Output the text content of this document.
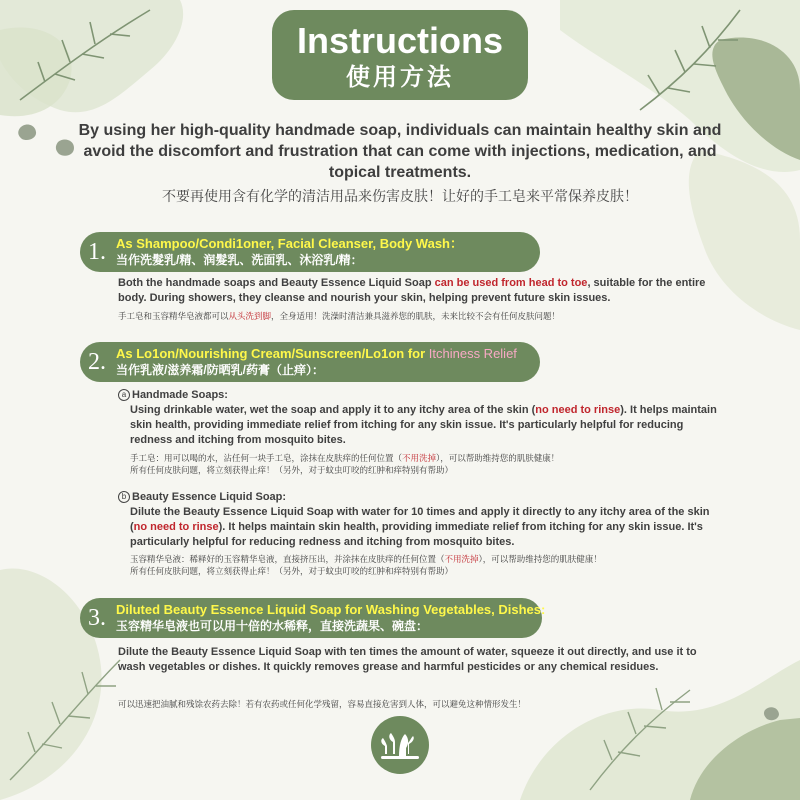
Instructions
使用方法
By using her high-quality handmade soap, individuals can maintain healthy skin and avoid the discomfort and frustration that can come with injections, medication, and topical treatments.
不要再使用含有化学的清洁用品来伤害皮肤！让好的手工皂来平常保养皮肤！
1. As Shampoo/Condi1oner, Facial Cleanser, Body Wash：
当作洗髮乳/精、润髮乳、洗面乳、沐浴乳/精：
Both the handmade soaps and Beauty Essence Liquid Soap can be used from head to toe, suitable for the entire body. During showers, they cleanse and nourish your skin, helping prevent future skin issues.
手工皂和玉容精华皂液都可以从头洗到脚，全身适用！洗澡时清洁兼具滋养您的肌肤，未来比较不会有任何皮肤问题！
2. As Lo1on/Nourishing Cream/Sunscreen/Lo1on for Itchiness Relief
当作乳液/滋养霜/防晒乳/药膏（止痒）：
a Handmade Soaps:
Using drinkable water, wet the soap and apply it to any itchy area of the skin (no need to rinse). It helps maintain skin health, providing immediate relief from itching for any skin issue. It's particularly helpful for reducing redness and itching from mosquito bites.
手工皂：用可以喝的水，沾任何一块手工皂，涂抹在皮肤痒的任何位置（不用洗掉），可以帮助维持您的肌肤健康！
所有任何皮肤问题，将立刻获得止痒！（另外，对于蚊虫叮咬的红肿和痒特别有帮助）
b Beauty Essence Liquid Soap:
Dilute the Beauty Essence Liquid Soap with water for 10 times and apply it directly to any itchy area of the skin (no need to rinse). It helps maintain skin health, providing immediate relief from itching for any skin issue. It's particularly helpful for reducing redness and itching from mosquito bites.
玉容精华皂液：稀释好的玉容精华皂液，直接挤压出，并涂抹在皮肤痒的任何位置（不用洗掉），可以帮助维持您的肌肤健康！
所有任何皮肤问题，将立刻获得止痒！（另外，对于蚊虫叮咬的红肿和痒特别有帮助）
3. Diluted Beauty Essence Liquid Soap for Washing Vegetables, Dishes:
玉容精华皂液也可以用十倍的水稀释，直接洗蔬果、碗盘：
Dilute the Beauty Essence Liquid Soap with ten times the amount of water, squeeze it out directly, and use it to wash vegetables or dishes. It quickly removes grease and harmful pesticides or any chemical residues.
可以迅速把油腻和残馀农药去除！若有农药或任何化学残留，容易直接危害到人体，可以避免这种情形发生！
